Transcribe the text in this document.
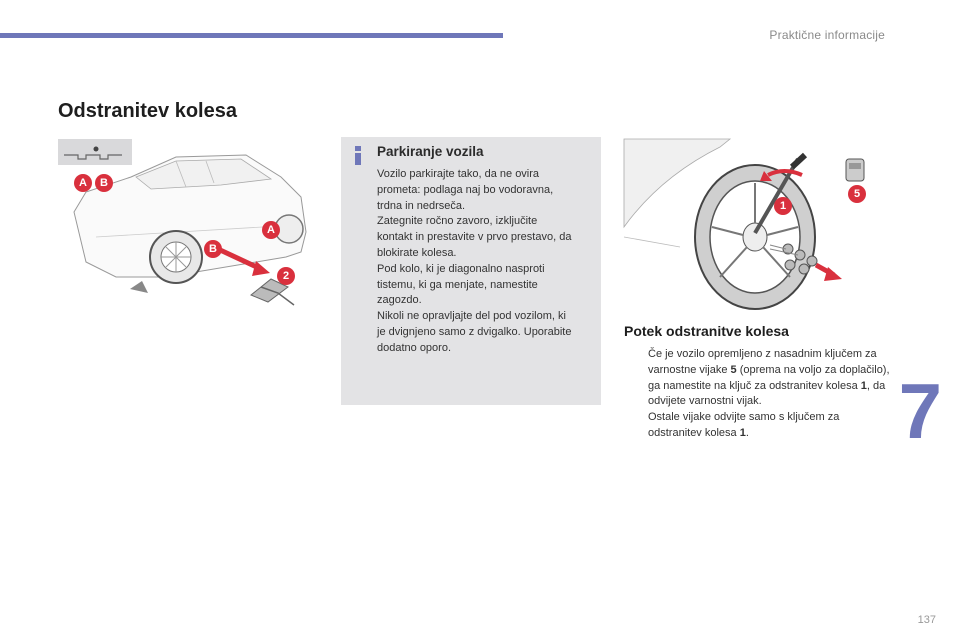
Praktične informacije
Odstranitev kolesa
A	B
A
B
2
Parkiranje vozila

Vozilo parkirajte tako, da ne ovira
prometa: podlaga naj bo vodoravna,
trdna in nedrseča.
Zategnite ročno zavoro, izključite
kontakt in prestavite v prvo prestavo, da
blokirate kolesa.
Pod kolo, ki je diagonalno nasproti
tistemu, ki ga menjate, namestite
zagozdo.
Nikoli ne opravljajte del pod vozilom, ki
je dvignjeno samo z dvigalko. Uporabite
dodatno oporo.

1
5
Potek odstranitve kolesa
Če je vozilo opremljeno z nasadnim ključem za varnostne vijake 5 (oprema na voljo za doplačilo), ga namestite na ključ za odstranitev kolesa 1, da odvijete varnostni vijak.
Ostale vijake odvijte samo s ključem za odstranitev kolesa 1.	7
137
